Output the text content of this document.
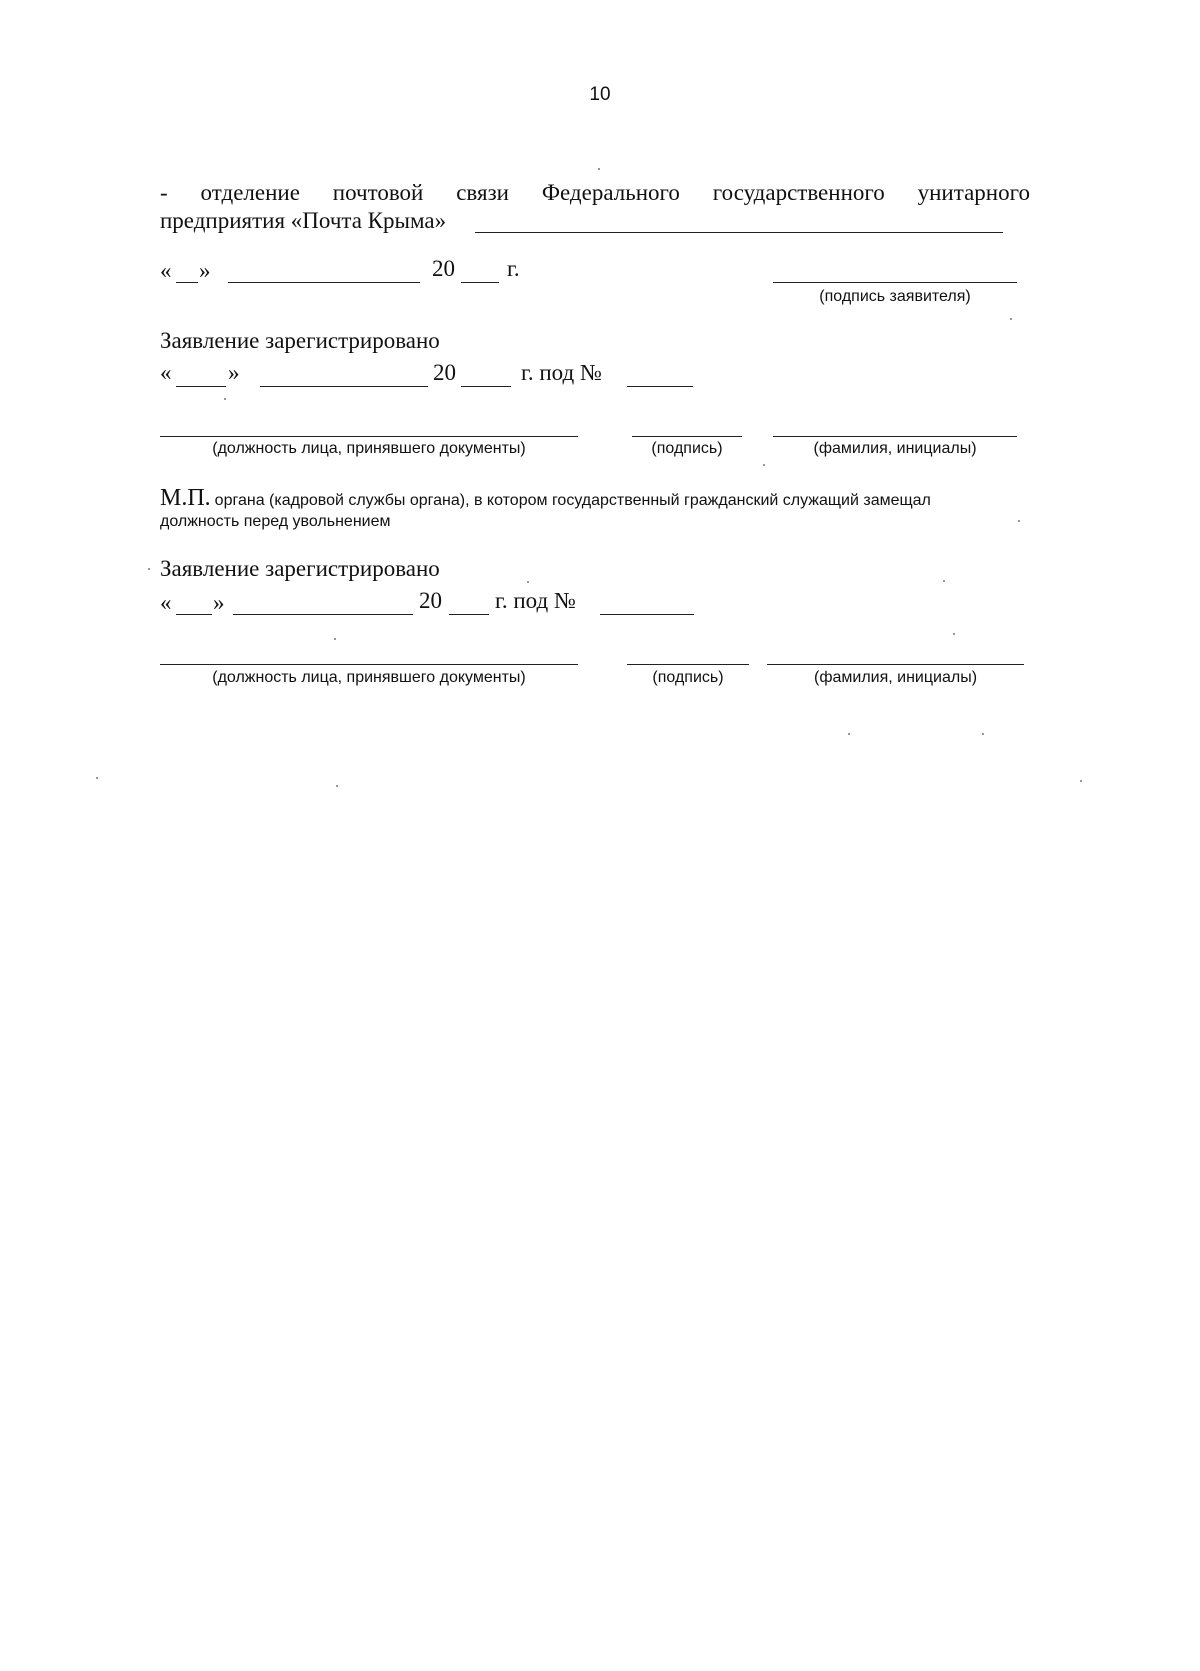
10
- отделение почтовой связи Федерального государственного унитарного
предприятия «Почта Крыма»
« »	20 г.
(подпись заявителя)
Заявление зарегистрировано
« »	20	г. под №
(должность лица, принявшего документы)	(подпись)	(фамилия, инициалы)
М.П. органа (кадровой службы органа), в котором государственный гражданский служащий замещал
должность перед увольнением
Заявление зарегистрировано
« »	20 г. под №
(должность лица, принявшего документы)	(подпись)	(фамилия, инициалы)
